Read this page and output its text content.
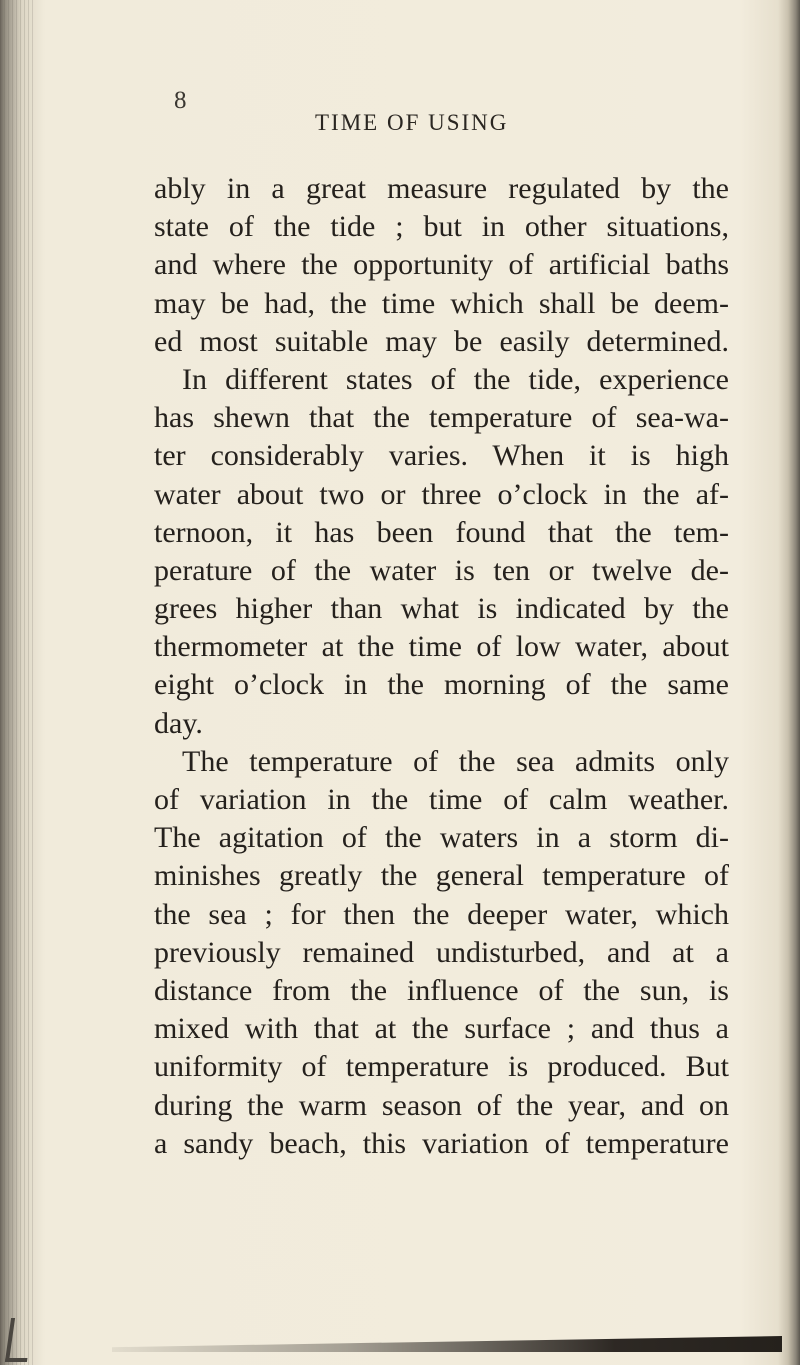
8
TIME OF USING
ably in a great measure regulated by the
state of the tide ; but in other situations,
and where the opportunity of artificial baths
may be had, the time which shall be deem-
ed most suitable may be easily determined.
In different states of the tide, experience
has shewn that the temperature of sea-wa-
ter considerably varies. When it is high
water about two or three o’clock in the af-
ternoon, it has been found that the tem-
perature of the water is ten or twelve de-
grees higher than what is indicated by the
thermometer at the time of low water, about
eight o’clock in the morning of the same
day.
The temperature of the sea admits only
of variation in the time of calm weather.
The agitation of the waters in a storm di-
minishes greatly the general temperature of
the sea ; for then the deeper water, which
previously remained undisturbed, and at a
distance from the influence of the sun, is
mixed with that at the surface ; and thus a
uniformity of temperature is produced. But
during the warm season of the year, and on
a sandy beach, this variation of temperature
